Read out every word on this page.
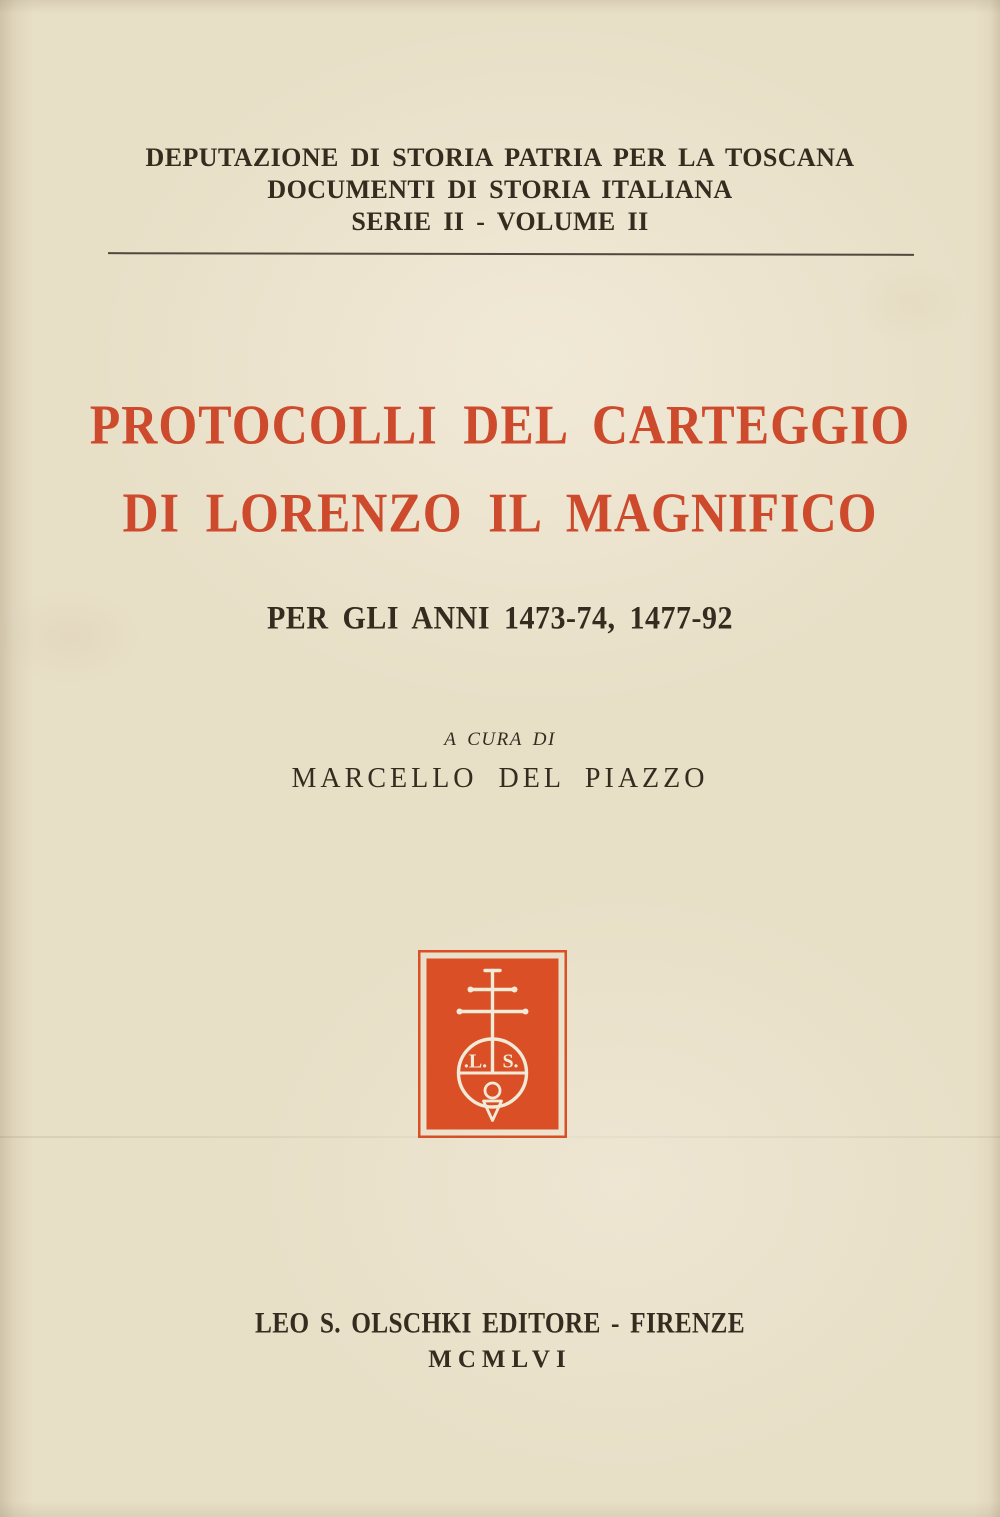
DEPUTAZIONE DI STORIA PATRIA PER LA TOSCANA
DOCUMENTI DI STORIA ITALIANA
SERIE II - VOLUME II
PROTOCOLLI DEL CARTEGGIO
DI LORENZO IL MAGNIFICO
PER GLI ANNI 1473-74, 1477-92
A CURA DI
MARCELLO DEL PIAZZO
.L. S.
LEO S. OLSCHKI EDITORE - FIRENZE
MCMLVI
